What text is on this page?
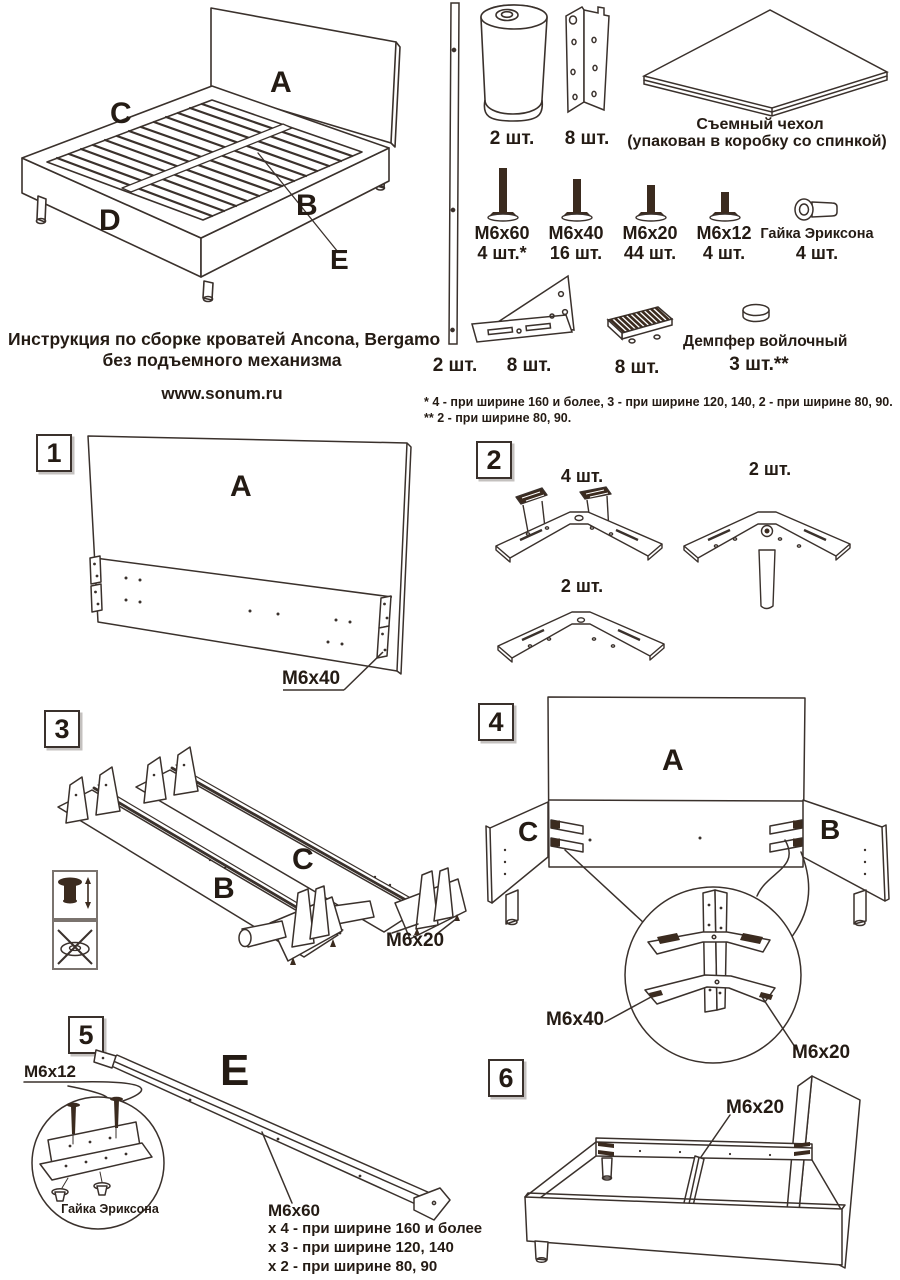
A
C
D	B
E
Инструкция по сборке кроватей Ancona, Bergamo
без подъемного механизма
www.sonum.ru
2 шт.	8 шт.
Съемный чехол
(упакован в коробку со спинкой)
M6x60
4 шт.*
M6x40
16 шт.
M6x20
44 шт.
M6x12
4 шт.
Гайка Эриксона
4 шт.
2 шт.	8 шт.	8 шт.
Демпфер войлочный
3 шт.**
* 4 - при ширине 160 и более, 3 - при ширине 120, 140, 2 - при ширине 80, 90.
** 2 - при ширине 80, 90.
1
A
M6x40
2
4 шт.	2 шт.
2 шт.
3
B
C
M6x20
4
A
C	B
M6x40
M6x20
5
M6x12	E
Гайка Эриксона	M6x60
x 4 - при ширине 160 и более
x 3 - при ширине 120, 140
x 2 - при ширине 80, 90
6
M6x20
